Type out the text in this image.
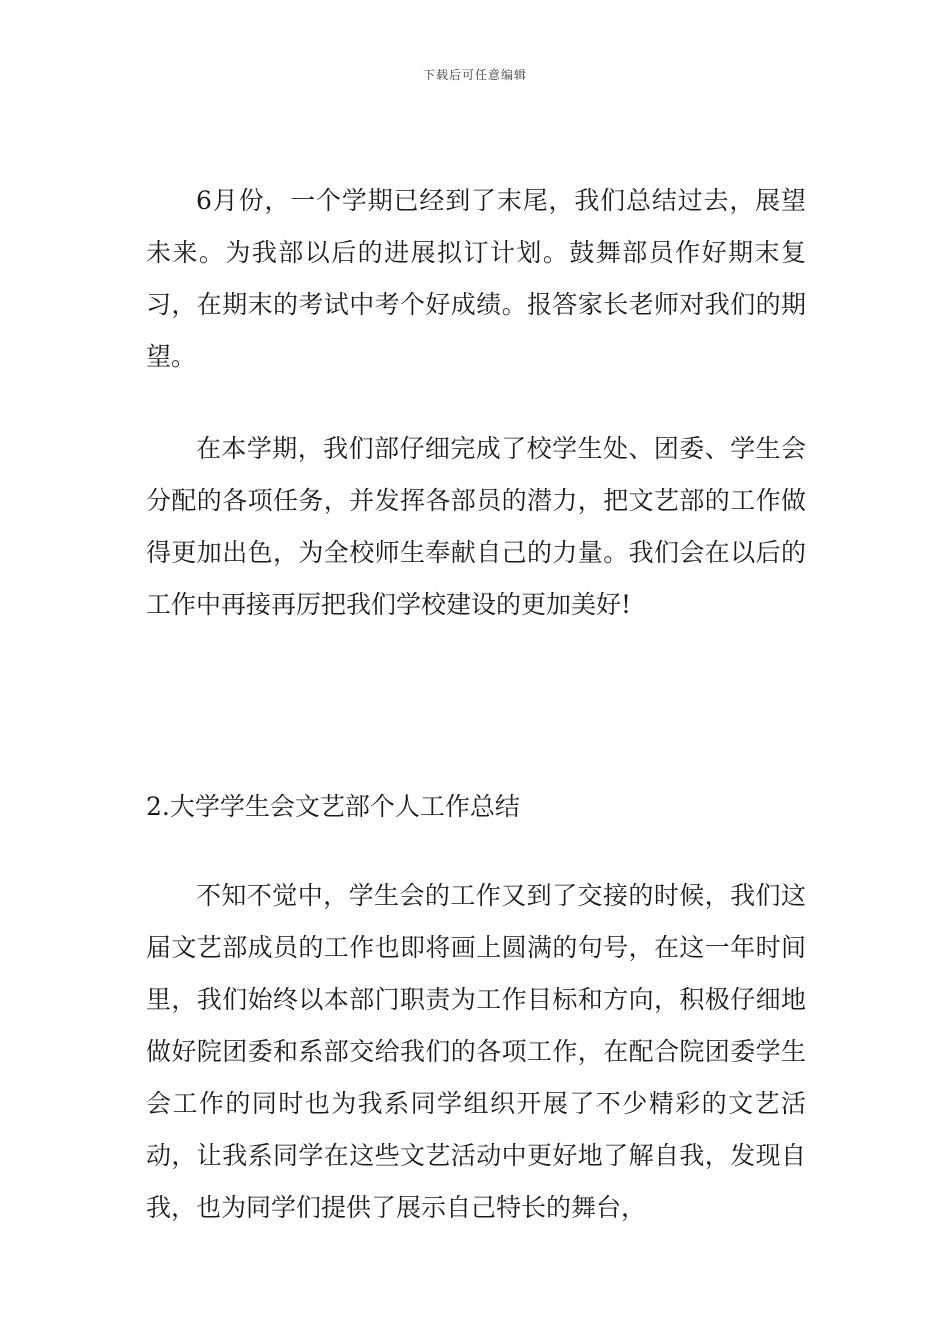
下载后可任意编辑

6月份，一个学期已经到了末尾，我们总结过去，展望未来。为我部以后的进展拟订计划。鼓舞部员作好期末复习，在期末的考试中考个好成绩。报答家长老师对我们的期望。

在本学期，我们部仔细完成了校学生处、团委、学生会分配的各项任务，并发挥各部员的潜力，把文艺部的工作做得更加出色，为全校师生奉献自己的力量。我们会在以后的工作中再接再厉把我们学校建设的更加美好!

2.大学学生会文艺部个人工作总结

不知不觉中，学生会的工作又到了交接的时候，我们这届文艺部成员的工作也即将画上圆满的句号，在这一年时间里，我们始终以本部门职责为工作目标和方向，积极仔细地做好院团委和系部交给我们的各项工作，在配合院团委学生会工作的同时也为我系同学组织开展了不少精彩的文艺活动，让我系同学在这些文艺活动中更好地了解自我，发现自我，也为同学们提供了展示自己特长的舞台，
